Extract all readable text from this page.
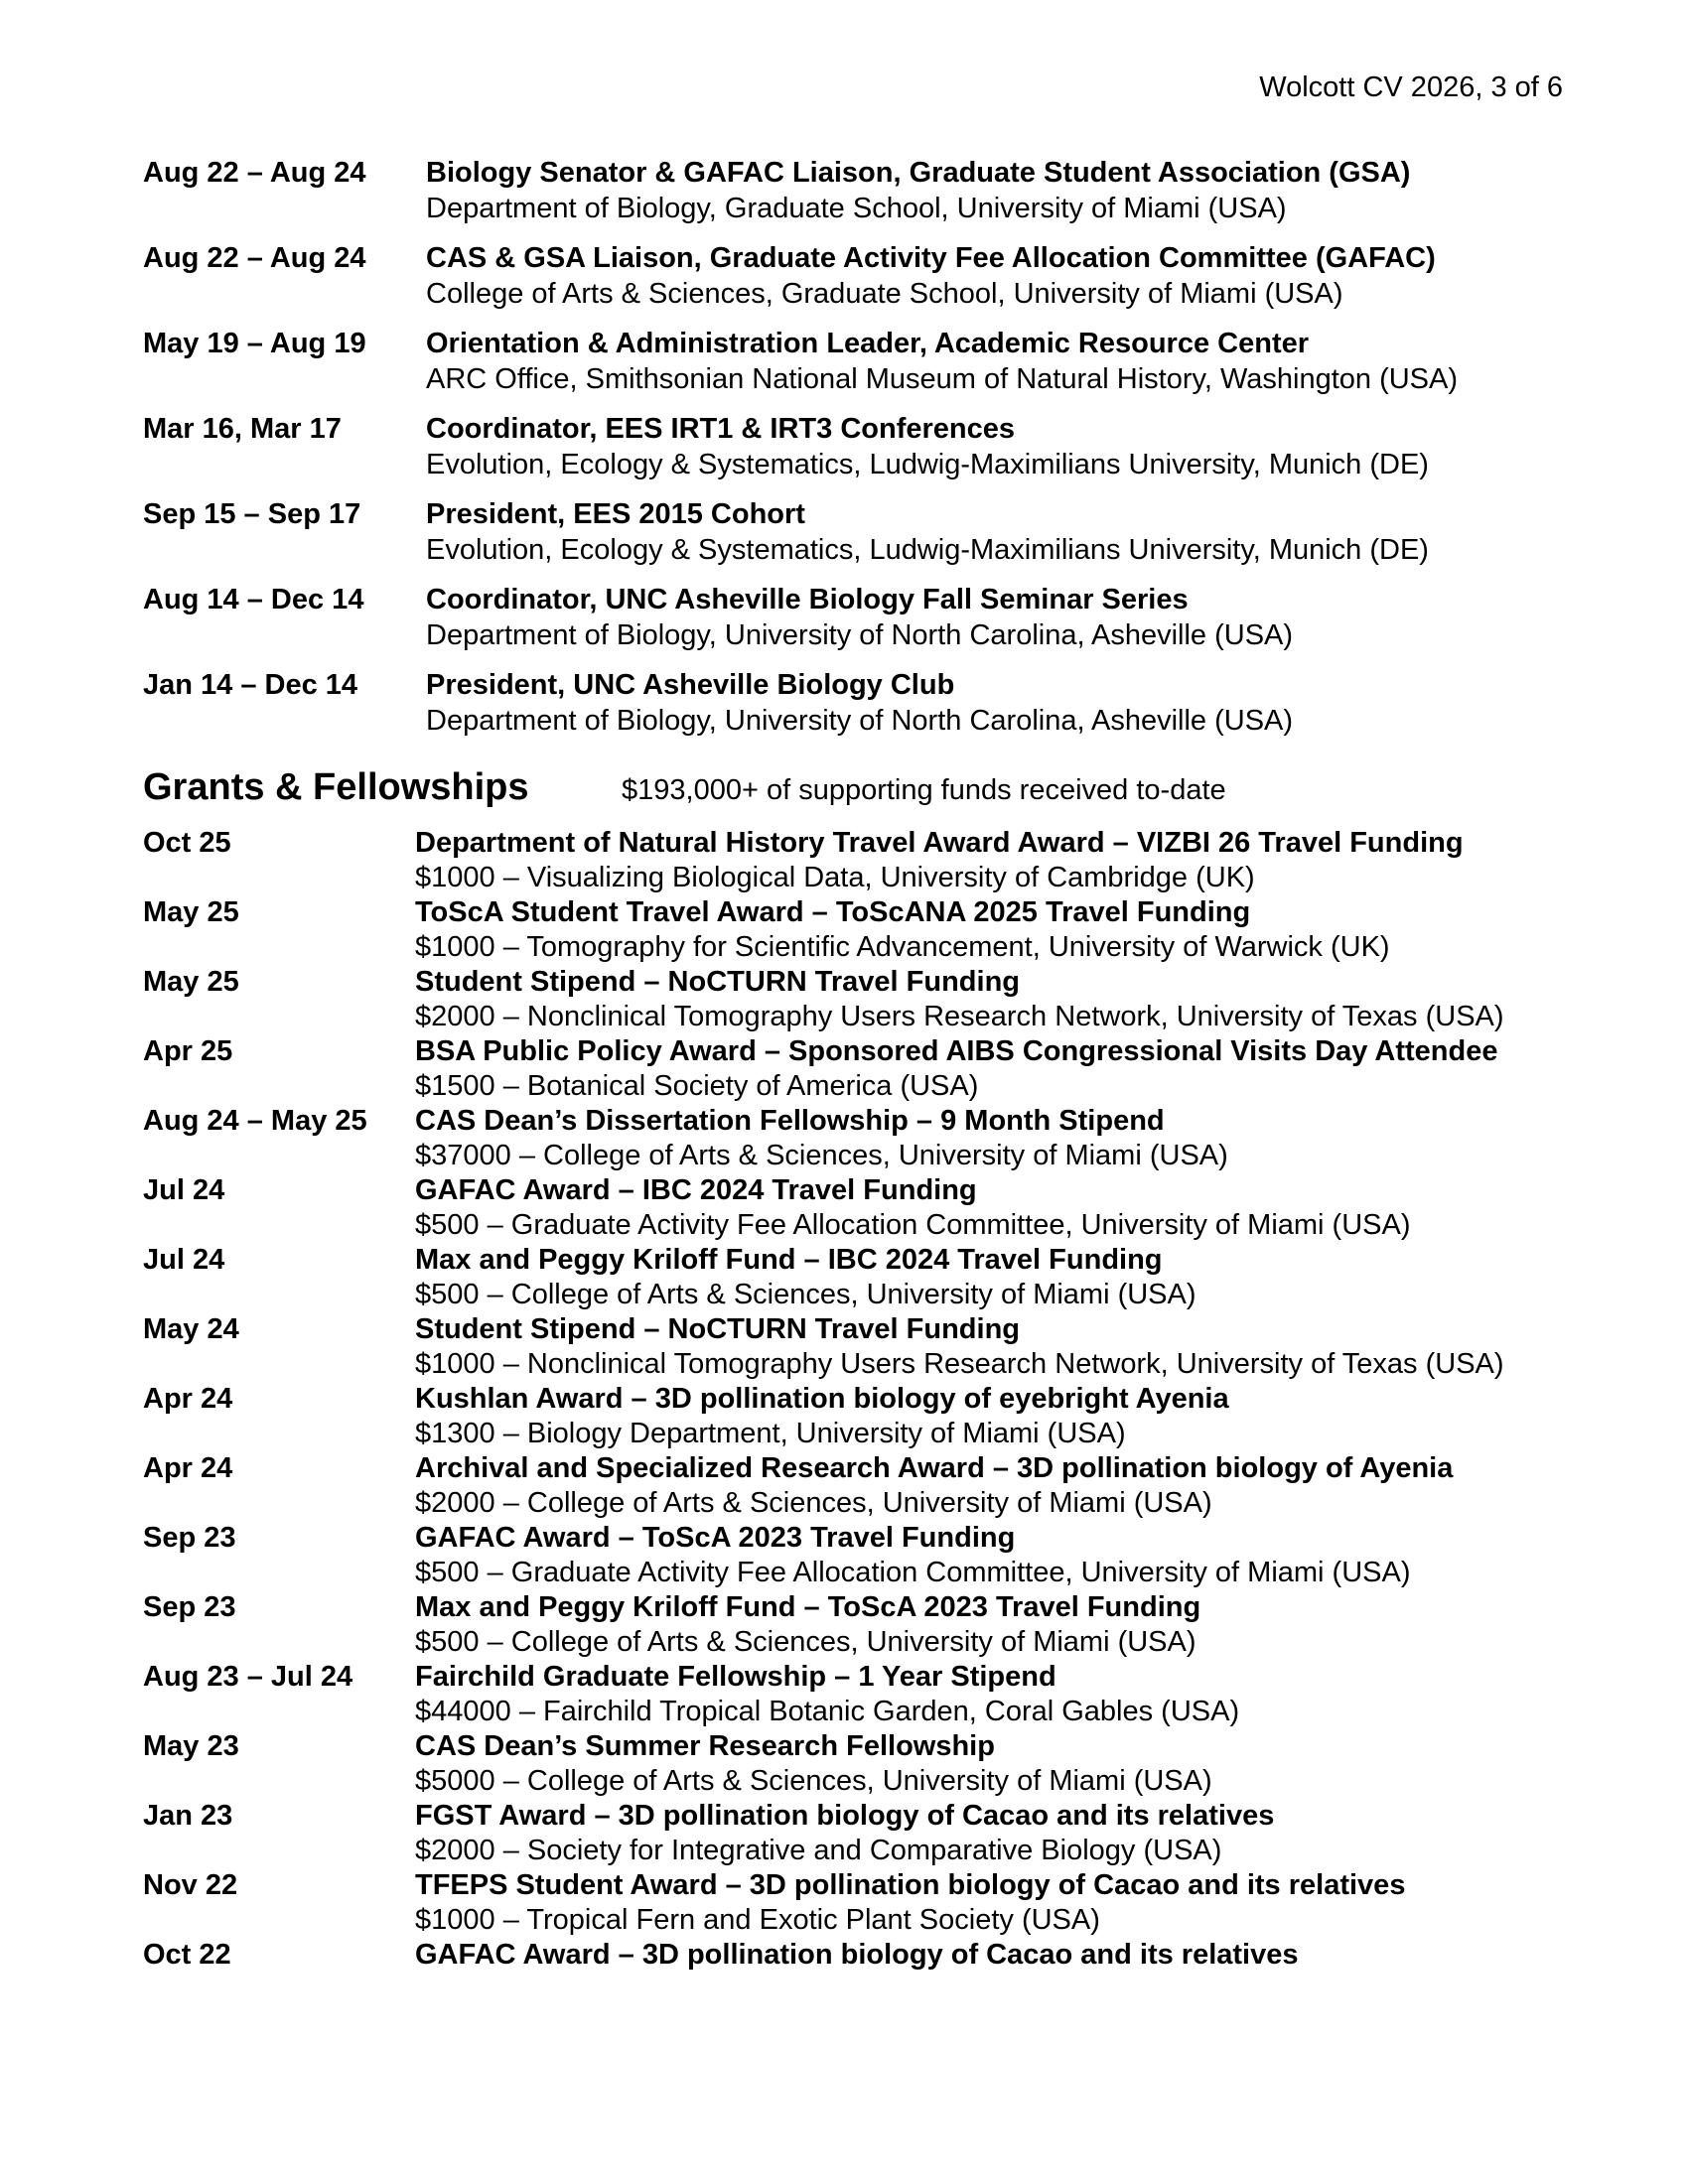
Wolcott CV 2026, 3 of 6
Aug 22 – Aug 24	Biology Senator & GAFAC Liaison, Graduate Student Association (GSA)
Department of Biology, Graduate School, University of Miami (USA)
Aug 22 – Aug 24	CAS & GSA Liaison, Graduate Activity Fee Allocation Committee (GAFAC)
College of Arts & Sciences, Graduate School, University of Miami (USA)
May 19 – Aug 19	Orientation & Administration Leader, Academic Resource Center
ARC Office, Smithsonian National Museum of Natural History, Washington (USA)
Mar 16, Mar 17	Coordinator, EES IRT1 & IRT3 Conferences
Evolution, Ecology & Systematics, Ludwig-Maximilians University, Munich (DE)
Sep 15 – Sep 17	President, EES 2015 Cohort
Evolution, Ecology & Systematics, Ludwig-Maximilians University, Munich (DE)
Aug 14 – Dec 14	Coordinator, UNC Asheville Biology Fall Seminar Series
Department of Biology, University of North Carolina, Asheville (USA)
Jan 14 – Dec 14	President, UNC Asheville Biology Club
Department of Biology, University of North Carolina, Asheville (USA)
Grants & Fellowships	$193,000+ of supporting funds received to-date
Oct 25	Department of Natural History Travel Award Award – VIZBI 26 Travel Funding
$1000 – Visualizing Biological Data, University of Cambridge (UK)
May 25	ToScA Student Travel Award – ToScANA 2025 Travel Funding
$1000 – Tomography for Scientific Advancement, University of Warwick (UK)
May 25	Student Stipend – NoCTURN Travel Funding
$2000 – Nonclinical Tomography Users Research Network, University of Texas (USA)
Apr 25	BSA Public Policy Award – Sponsored AIBS Congressional Visits Day Attendee
$1500 – Botanical Society of America (USA)
Aug 24 – May 25	CAS Dean’s Dissertation Fellowship – 9 Month Stipend
$37000 – College of Arts & Sciences, University of Miami (USA)
Jul 24	GAFAC Award – IBC 2024 Travel Funding
$500 – Graduate Activity Fee Allocation Committee, University of Miami (USA)
Jul 24	Max and Peggy Kriloff Fund – IBC 2024 Travel Funding
$500 – College of Arts & Sciences, University of Miami (USA)
May 24	Student Stipend – NoCTURN Travel Funding
$1000 – Nonclinical Tomography Users Research Network, University of Texas (USA)
Apr 24	Kushlan Award – 3D pollination biology of eyebright Ayenia
$1300 – Biology Department, University of Miami (USA)
Apr 24	Archival and Specialized Research Award – 3D pollination biology of Ayenia
$2000 – College of Arts & Sciences, University of Miami (USA)
Sep 23	GAFAC Award – ToScA 2023 Travel Funding
$500 – Graduate Activity Fee Allocation Committee, University of Miami (USA)
Sep 23	Max and Peggy Kriloff Fund – ToScA 2023 Travel Funding
$500 – College of Arts & Sciences, University of Miami (USA)
Aug 23 – Jul 24	Fairchild Graduate Fellowship – 1 Year Stipend
$44000 – Fairchild Tropical Botanic Garden, Coral Gables (USA)
May 23	CAS Dean’s Summer Research Fellowship
$5000 – College of Arts & Sciences, University of Miami (USA)
Jan 23	FGST Award – 3D pollination biology of Cacao and its relatives
$2000 – Society for Integrative and Comparative Biology (USA)
Nov 22	TFEPS Student Award – 3D pollination biology of Cacao and its relatives
$1000 – Tropical Fern and Exotic Plant Society (USA)
Oct 22	GAFAC Award – 3D pollination biology of Cacao and its relatives
